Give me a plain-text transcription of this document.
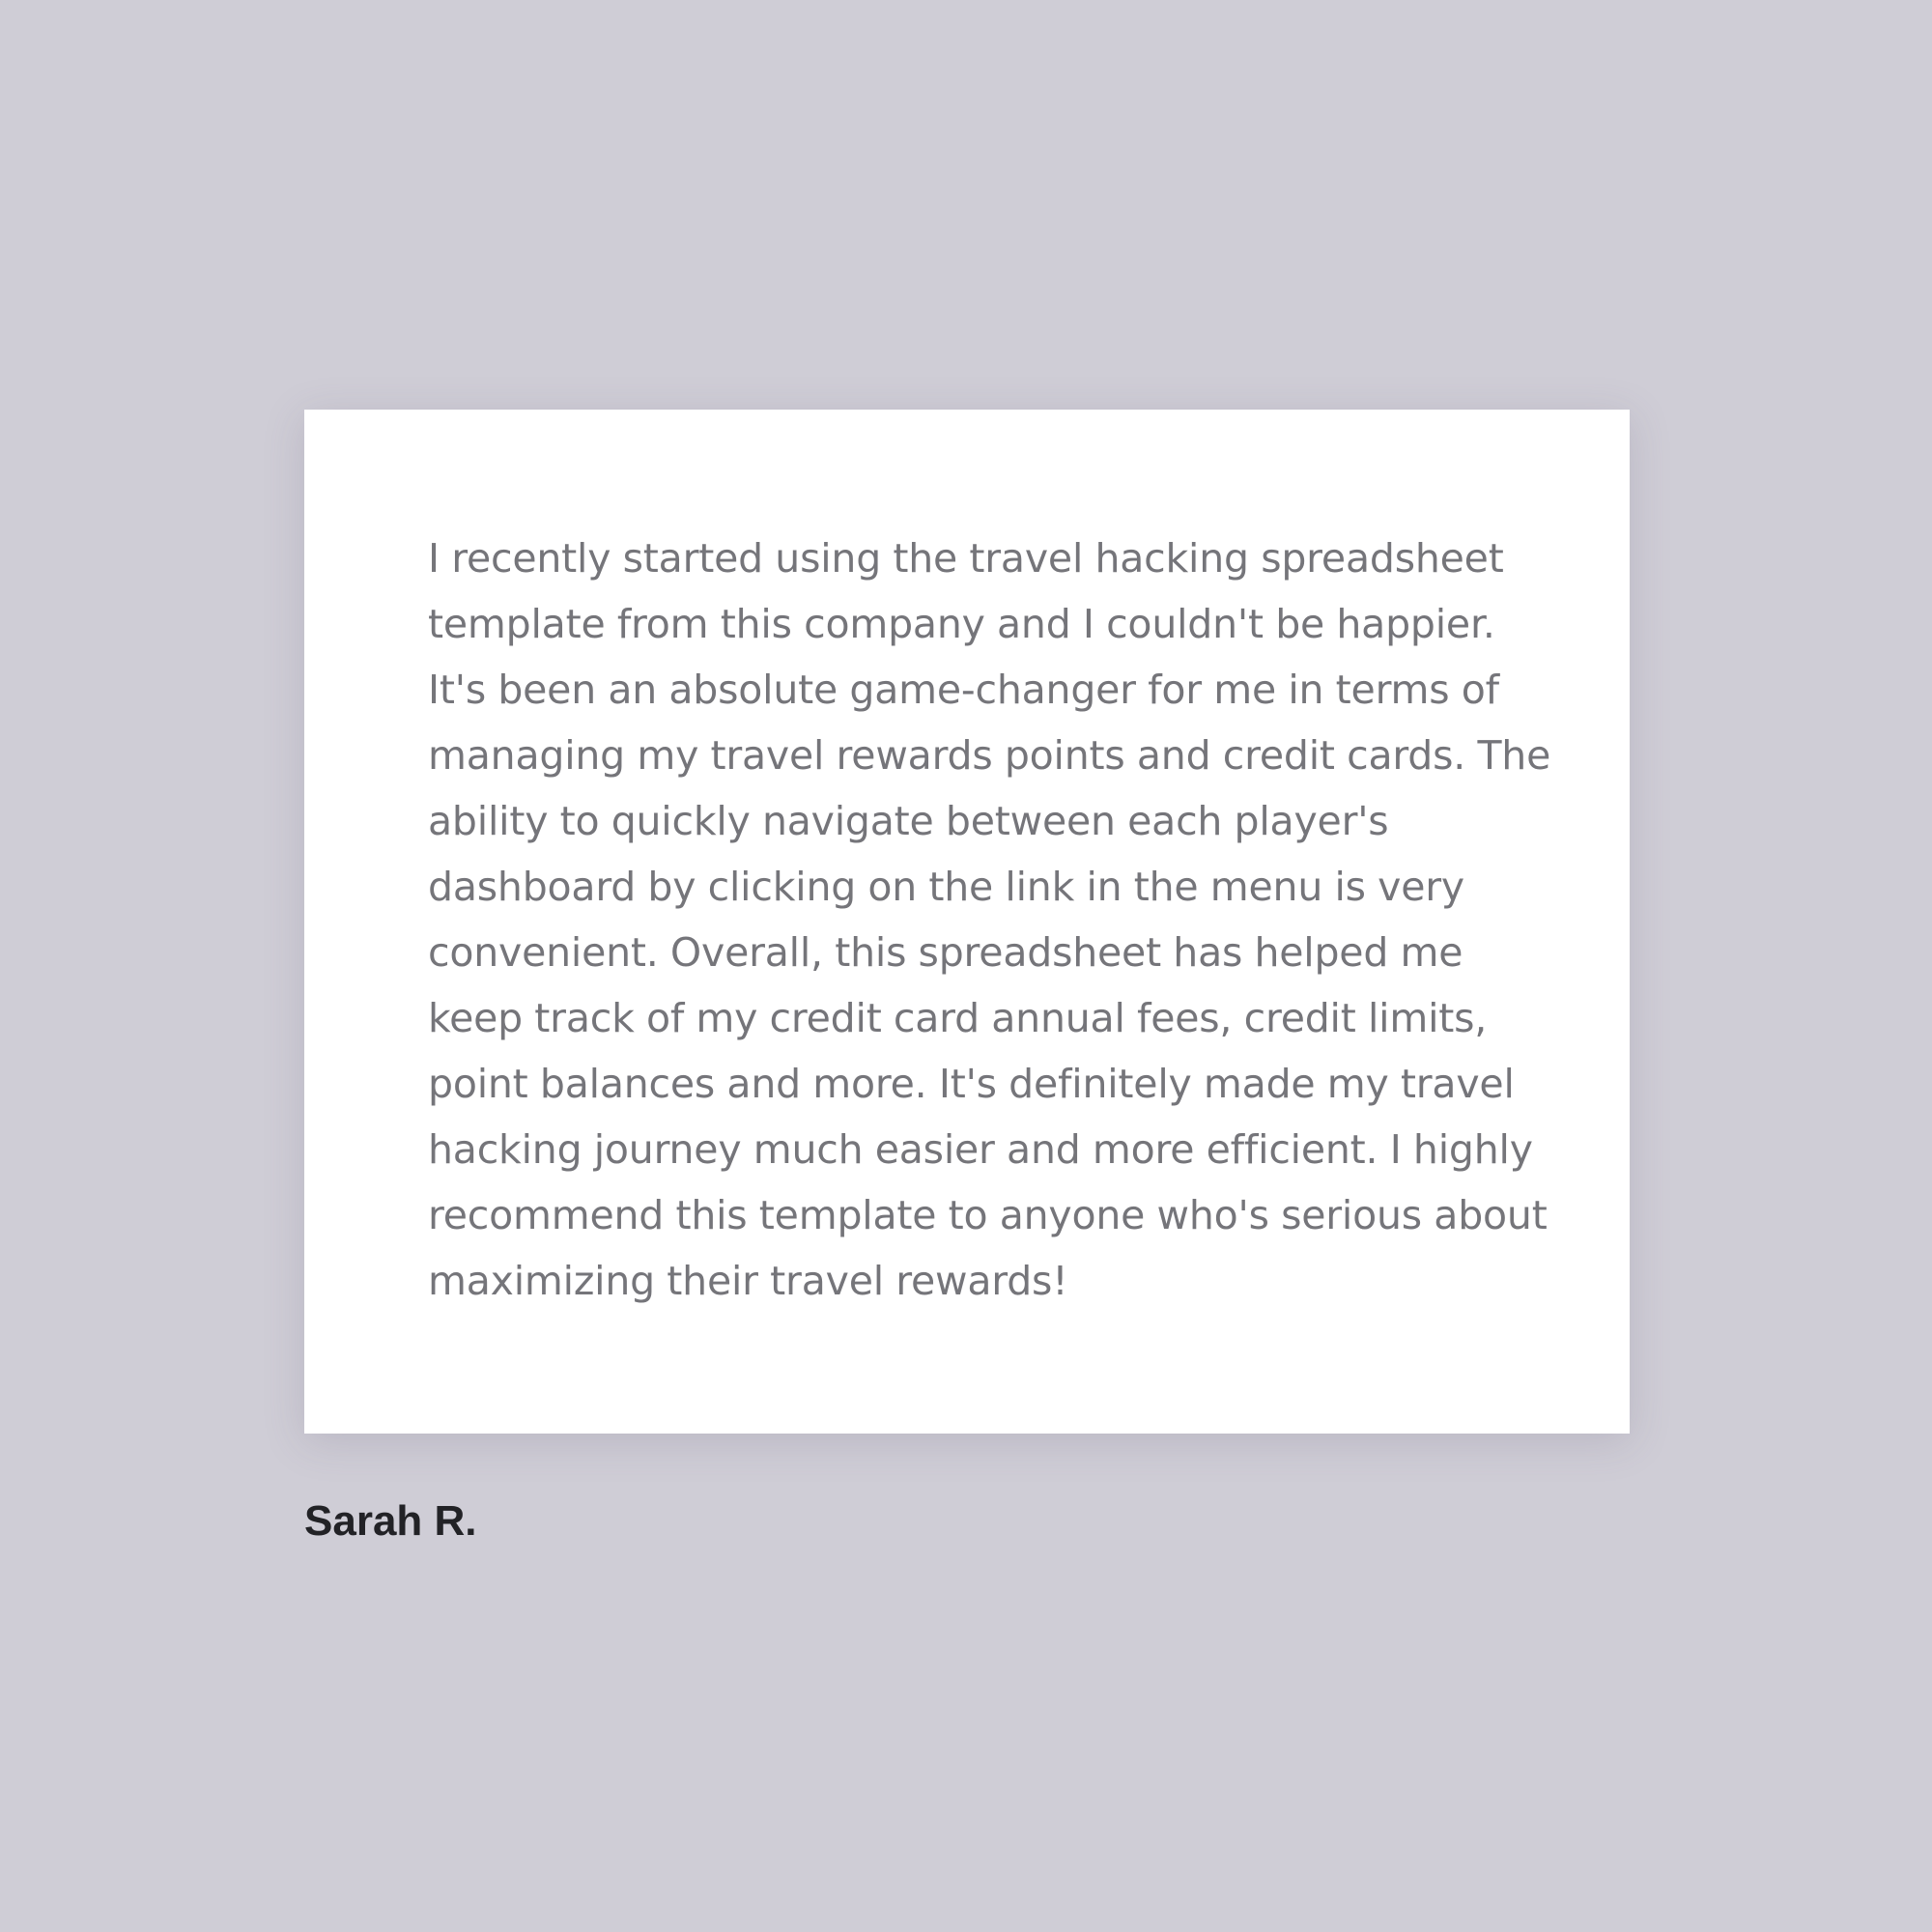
I recently started using the travel hacking spreadsheet template from this company and I couldn't be happier. It's been an absolute game-changer for me in terms of managing my travel rewards points and credit cards. The ability to quickly navigate between each player's dashboard by clicking on the link in the menu is very convenient. Overall, this spreadsheet has helped me keep track of my credit card annual fees, credit limits, point balances and more. It's definitely made my travel hacking journey much easier and more efficient. I highly recommend this template to anyone who's serious about maximizing their travel rewards!

Sarah R.
